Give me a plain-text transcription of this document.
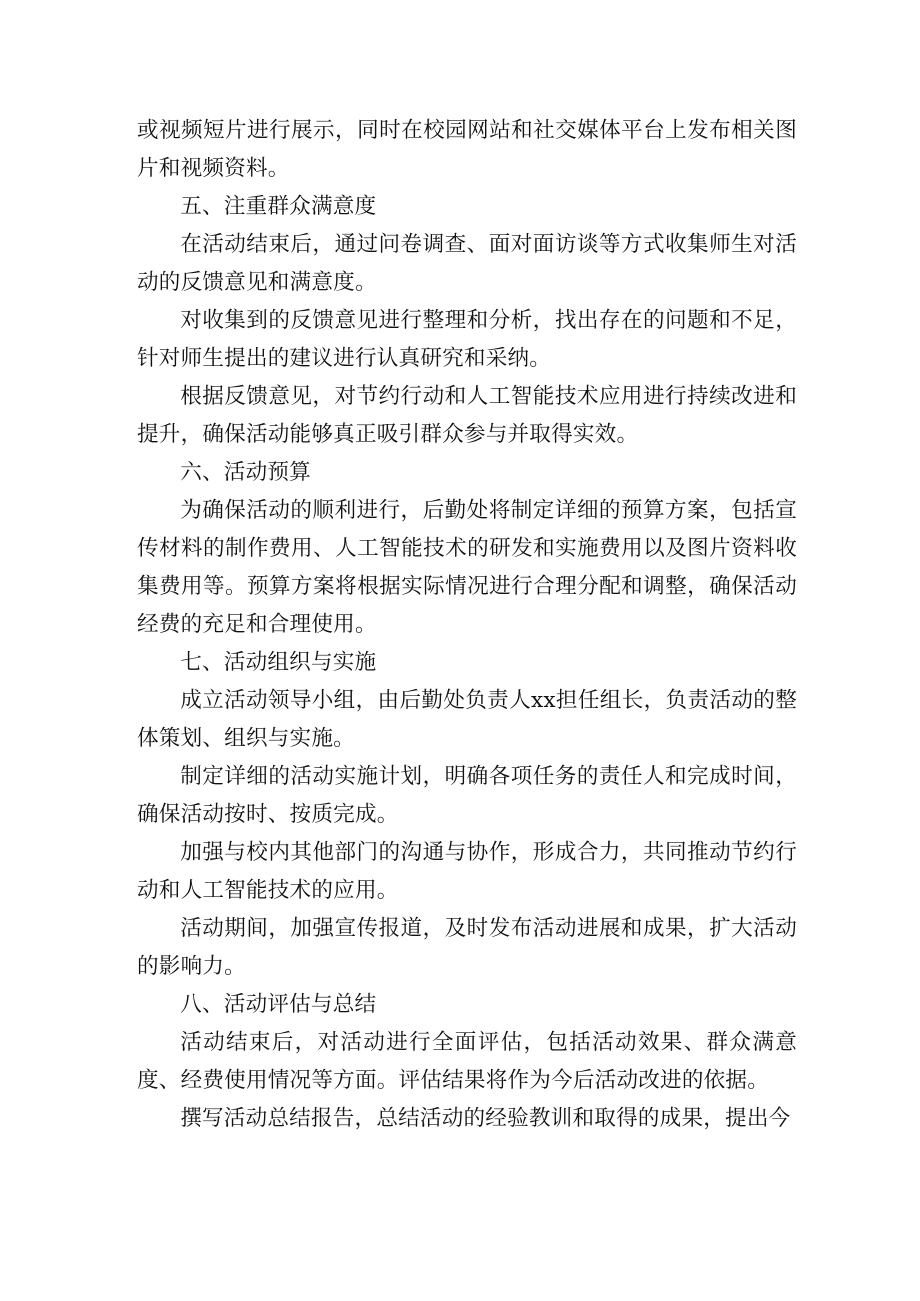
或视频短片进行展示，同时在校园网站和社交媒体平台上发布相关图片和视频资料。

五、注重群众满意度

在活动结束后，通过问卷调查、面对面访谈等方式收集师生对活动的反馈意见和满意度。

对收集到的反馈意见进行整理和分析，找出存在的问题和不足，针对师生提出的建议进行认真研究和采纳。

根据反馈意见，对节约行动和人工智能技术应用进行持续改进和提升，确保活动能够真正吸引群众参与并取得实效。

六、活动预算

为确保活动的顺利进行，后勤处将制定详细的预算方案，包括宣传材料的制作费用、人工智能技术的研发和实施费用以及图片资料收集费用等。预算方案将根据实际情况进行合理分配和调整，确保活动经费的充足和合理使用。

七、活动组织与实施

成立活动领导小组，由后勤处负责人xx担任组长，负责活动的整体策划、组织与实施。

制定详细的活动实施计划，明确各项任务的责任人和完成时间，确保活动按时、按质完成。

加强与校内其他部门的沟通与协作，形成合力，共同推动节约行动和人工智能技术的应用。

活动期间，加强宣传报道，及时发布活动进展和成果，扩大活动的影响力。

八、活动评估与总结

活动结束后，对活动进行全面评估，包括活动效果、群众满意度、经费使用情况等方面。评估结果将作为今后活动改进的依据。

撰写活动总结报告，总结活动的经验教训和取得的成果，提出今
